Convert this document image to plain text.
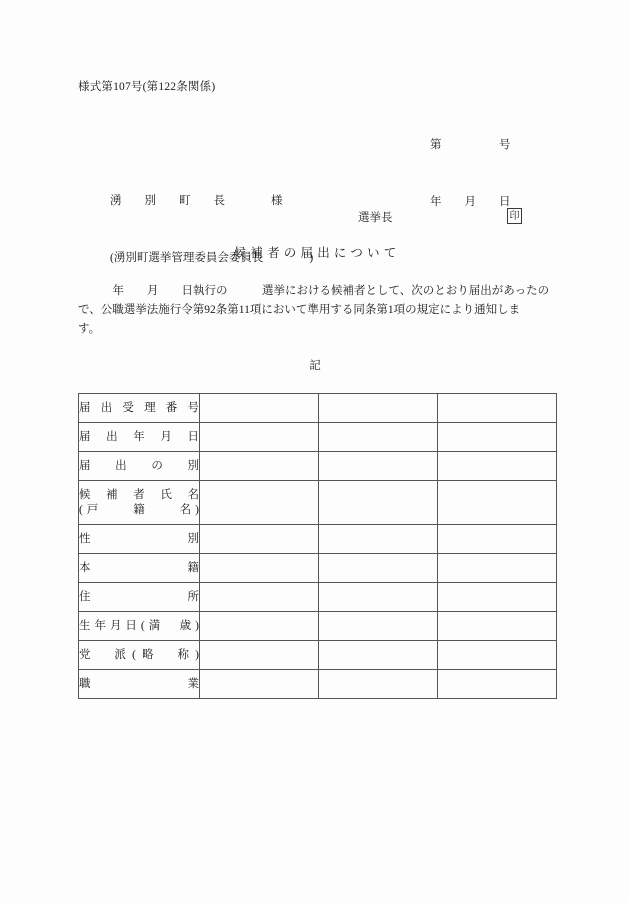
様式第107号(第122条関係)

第　　　　　号

年　　月　　日

湧　　別　　町　　長　　　　様

(湧別町選挙管理委員会委員長　　　　)

選挙長	印
候補者の届出について
　　　年　　月　　日執行の　　　選挙における候補者として、次のとおり届出があったの
で、公職選挙法施行令第92条第11項において準用する同条第1項の規定により通知しま
す。
記
届出受理番号			

届出年月日			

届出の別			

候補者氏名
(戸　　籍　　名)			

性　　別			

本　　籍			

住　　所			

生年月日(満　歳)			

党　派(略　称)			

職　　業			
